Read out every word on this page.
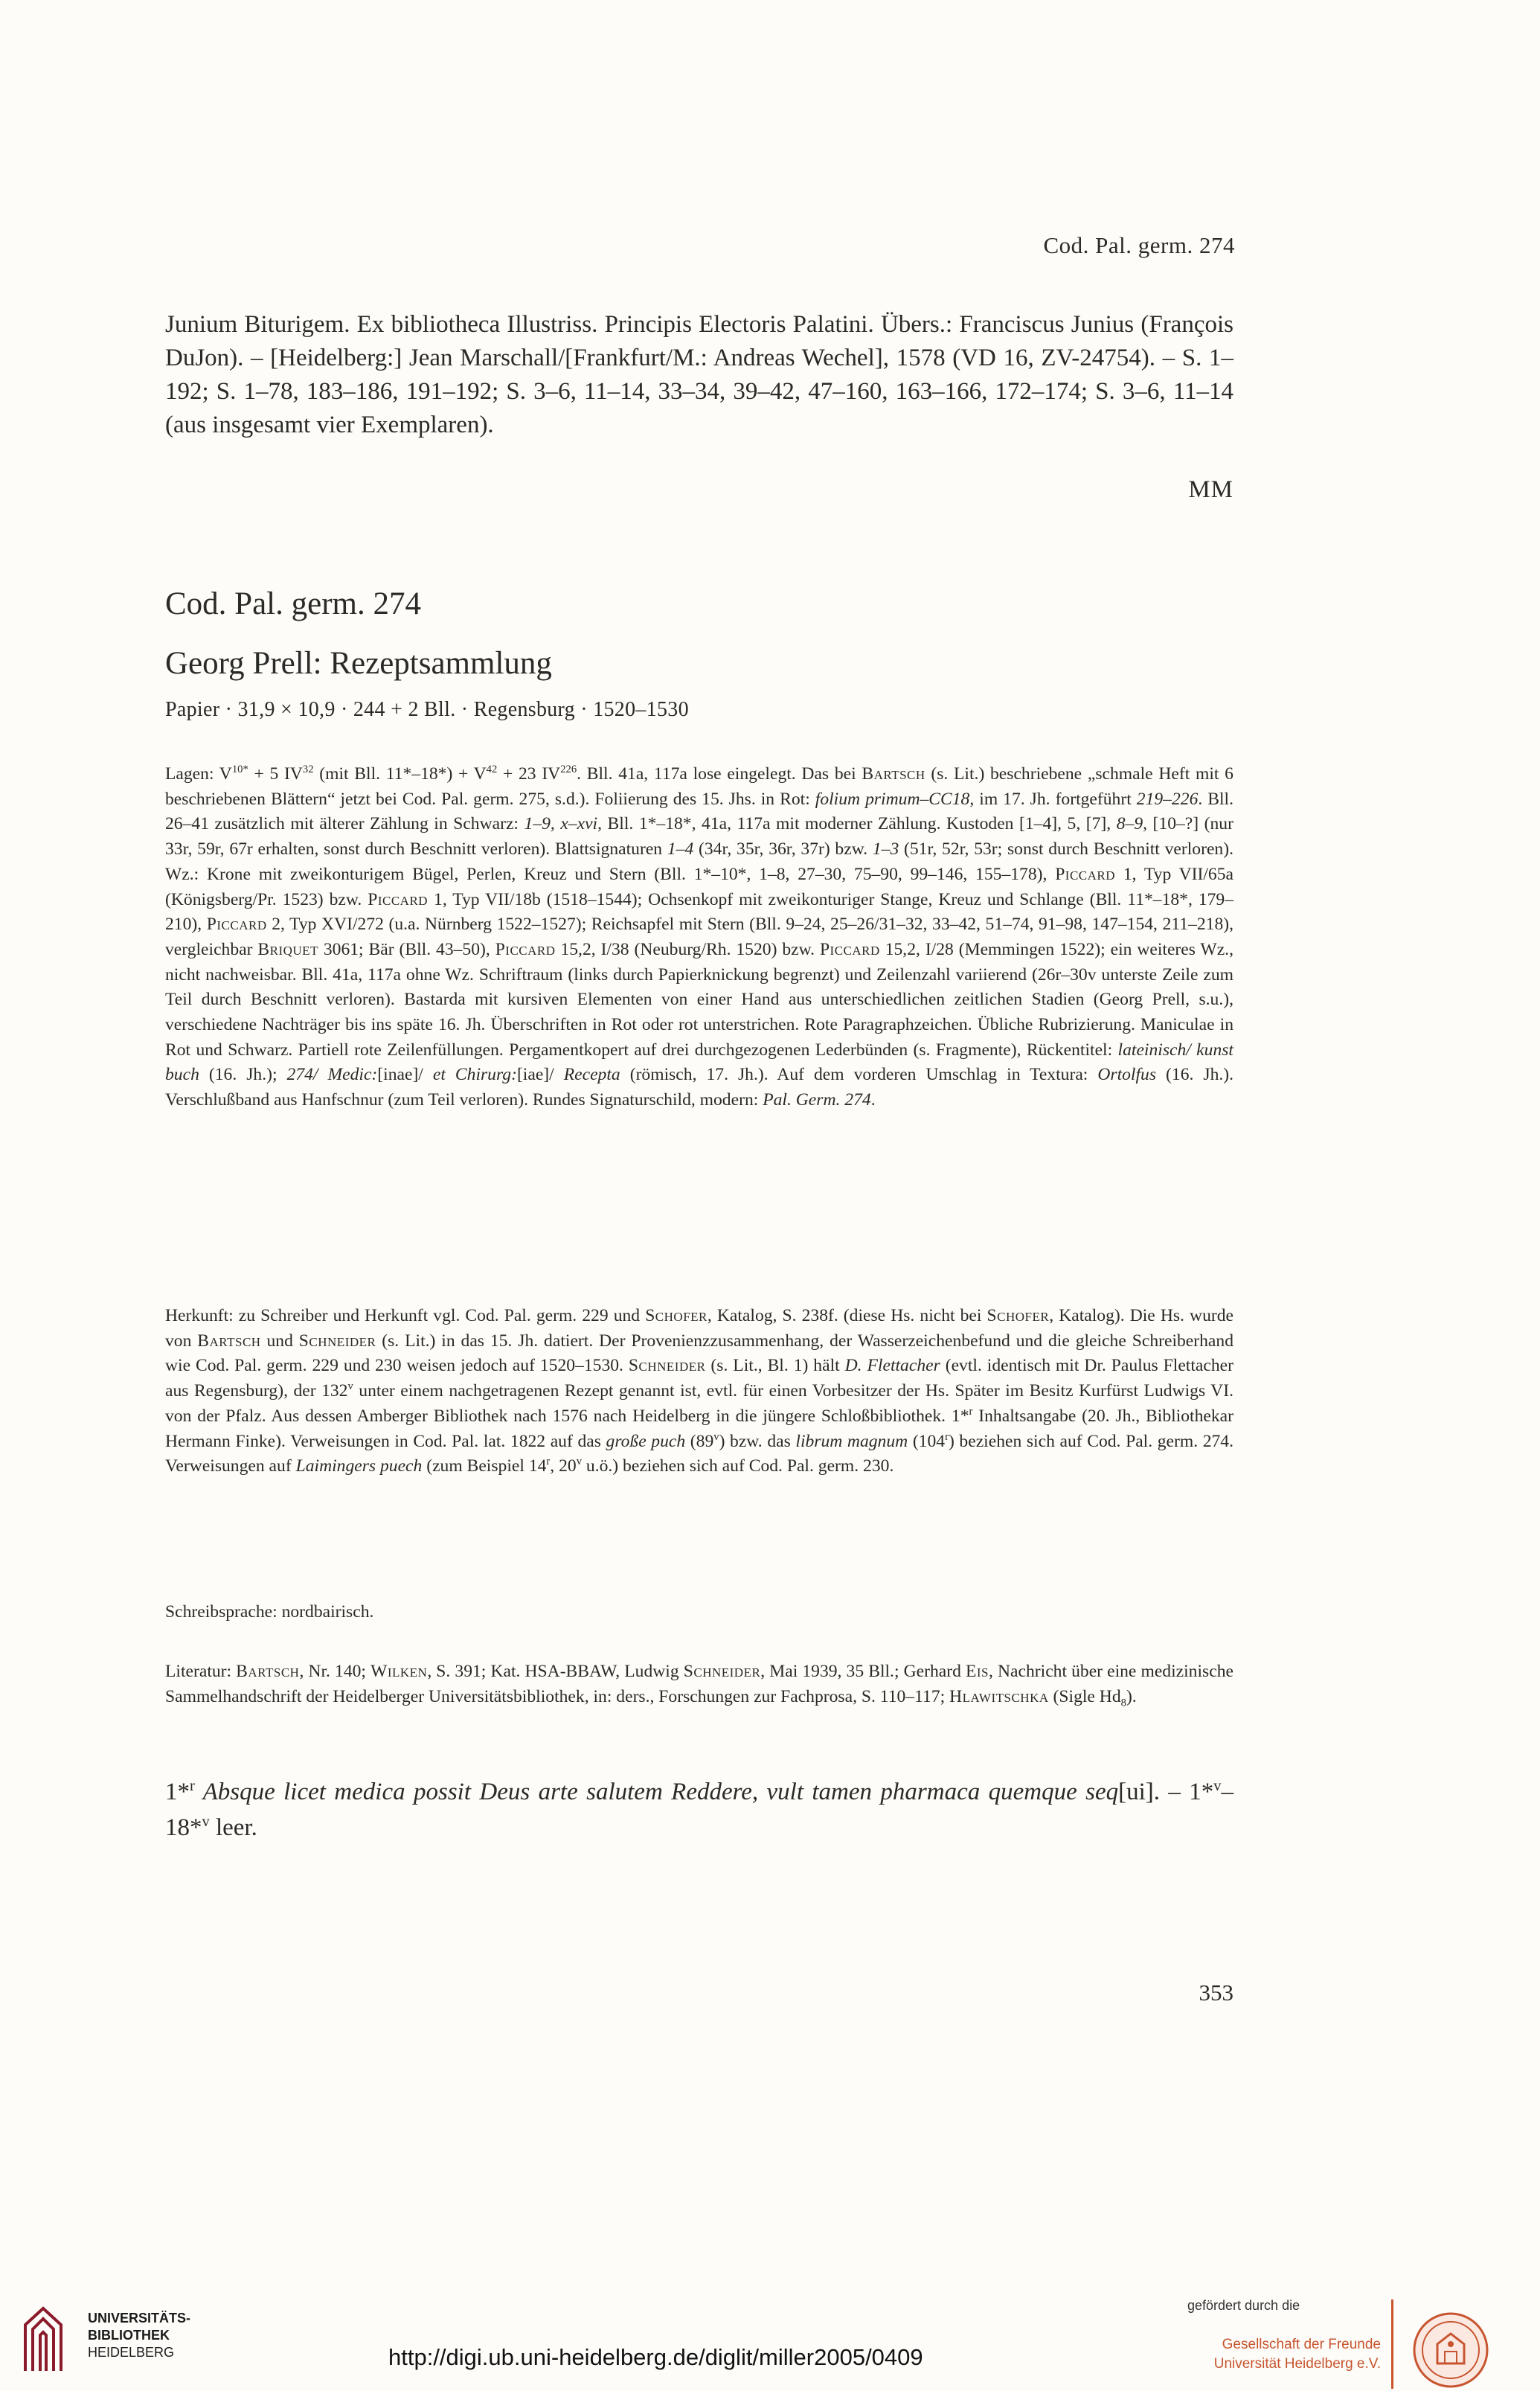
Cod. Pal. germ. 274
Junium Biturigem. Ex bibliotheca Illustriss. Principis Electoris Palatini. Übers.: Franciscus Junius (François DuJon). – [Heidelberg:] Jean Marschall/[Frankfurt/M.: Andreas Wechel], 1578 (VD 16, ZV-24754). – S. 1–192; S. 1–78, 183–186, 191–192; S. 3–6, 11–14, 33–34, 39–42, 47–160, 163–166, 172–174; S. 3–6, 11–14 (aus insgesamt vier Exemplaren).
MM
Cod. Pal. germ. 274
Georg Prell: Rezeptsammlung
Papier · 31,9 × 10,9 · 244 + 2 Bll. · Regensburg · 1520–1530
Lagen: $V^{10*} + 5$ IV$^{32}$ (mit Bll. $11*-18*) + V^{42} + 23$ IV$^{226}$. Bll. 41a, 117a lose eingelegt. Das bei Bartsch (s. Lit.) beschriebene „schmale Heft mit 6 beschriebenen Blättern“ jetzt bei Cod. Pal. germ. 275, s.d.). Foliierung des 15. Jhs. in Rot: folium primum–CC18, im 17. Jh. fortgeführt 219–226. Bll. 26–41 zusätzlich mit älterer Zählung in Schwarz: 1–9, x–xvi, Bll. 1*–18*, 41a, 117a mit moderner Zählung. Kustoden [1–4], 5, [7], 8–9, [10–?] (nur 33r, 59r, 67r erhalten, sonst durch Beschnitt verloren). Blattsignaturen 1–4 (34r, 35r, 36r, 37r) bzw. 1–3 (51r, 52r, 53r; sonst durch Beschnitt verloren). Wz.: Krone mit zweikonturigem Bügel, Perlen, Kreuz und Stern (Bll. 1*–10*, 1–8, 27–30, 75–90, 99–146, 155–178), Piccard 1, Typ VII/65a (Königsberg/Pr. 1523) bzw. Piccard 1, Typ VII/18b (1518–1544); Ochsenkopf mit zweikonturiger Stange, Kreuz und Schlange (Bll. 11*–18*, 179–210), Piccard 2, Typ XVI/272 (u.a. Nürnberg 1522–1527); Reichsapfel mit Stern (Bll. 9–24, 25–26/31–32, 33–42, 51–74, 91–98, 147–154, 211–218), vergleichbar Briquet 3061; Bär (Bll. 43–50), Piccard 15,2, I/38 (Neuburg/Rh. 1520) bzw. Piccard 15,2, I/28 (Memmingen 1522); ein weiteres Wz., nicht nachweisbar. Bll. 41a, 117a ohne Wz. Schriftraum (links durch Papierknickung begrenzt) und Zeilenzahl variierend (26r–30v unterste Zeile zum Teil durch Beschnitt verloren). Bastarda mit kursiven Elementen von einer Hand aus unterschiedlichen zeitlichen Stadien (Georg Prell, s.u.), verschiedene Nachträger bis ins späte 16. Jh. Überschriften in Rot oder rot unterstrichen. Rote Paragraphzeichen. Übliche Rubrizierung. Maniculae in Rot und Schwarz. Partiell rote Zeilenfüllungen. Pergamentkopert auf drei durchgezogenen Lederbünden (s. Fragmente), Rückentitel: lateinisch/ kunst buch (16. Jh.); 274/ Medic:[inae]/ et Chirurg:[iae]/ Recepta (römisch, 17. Jh.). Auf dem vorderen Umschlag in Textura: Ortolfus (16. Jh.). Verschlußband aus Hanfschnur (zum Teil verloren). Rundes Signaturschild, modern: Pal. Germ. 274.
Herkunft: zu Schreiber und Herkunft vgl. Cod. Pal. germ. 229 und Schofer, Katalog, S. 238f. (diese Hs. nicht bei Schofer, Katalog). Die Hs. wurde von Bartsch und Schneider (s. Lit.) in das 15. Jh. datiert. Der Provenienzzusammenhang, der Wasserzeichenbefund und die gleiche Schreiberhand wie Cod. Pal. germ. 229 und 230 weisen jedoch auf 1520–1530. Schneider (s. Lit., Bl. 1) hält D. Flettacher (evtl. identisch mit Dr. Paulus Flettacher aus Regensburg), der 132$^v$ unter einem nachgetragenen Rezept genannt ist, evtl. für einen Vorbesitzer der Hs. Später im Besitz Kurfürst Ludwigs VI. von der Pfalz. Aus dessen Amberger Bibliothek nach 1576 nach Heidelberg in die jüngere Schloßbibliothek. 1*$^r$ Inhaltsangabe (20. Jh., Bibliothekar Hermann Finke). Verweisungen in Cod. Pal. lat. 1822 auf das große puch (89$^v$) bzw. das librum magnum (104$^r$) beziehen sich auf Cod. Pal. germ. 274. Verweisungen auf Laimingers puech (zum Beispiel 14$^r$, 20$^v$ u.ö.) beziehen sich auf Cod. Pal. germ. 230.
Schreibsprache: nordbairisch.
Literatur: Bartsch, Nr. 140; Wilken, S. 391; Kat. HSA-BBAW, Ludwig Schneider, Mai 1939, 35 Bll.; Gerhard Eis, Nachricht über eine medizinische Sammelhandschrift der Heidelberger Universitätsbibliothek, in: ders., Forschungen zur Fachprosa, S. 110–117; Hlawitschka (Sigle $Hd_8$).
1*$^r$ Absque licet medica possit Deus arte salutem Reddere, vult tamen pharmaca quemque seq[ui]. – 1*$^v$–18*$^v$ leer.
353
UNIVERSITÄTS-
BIBLIOTHEK
HEIDELBERG	http://digi.ub.uni-heidelberg.de/diglit/miller2005/0409
gefördert durch die
Gesellschaft der Freunde
Universität Heidelberg e.V.
